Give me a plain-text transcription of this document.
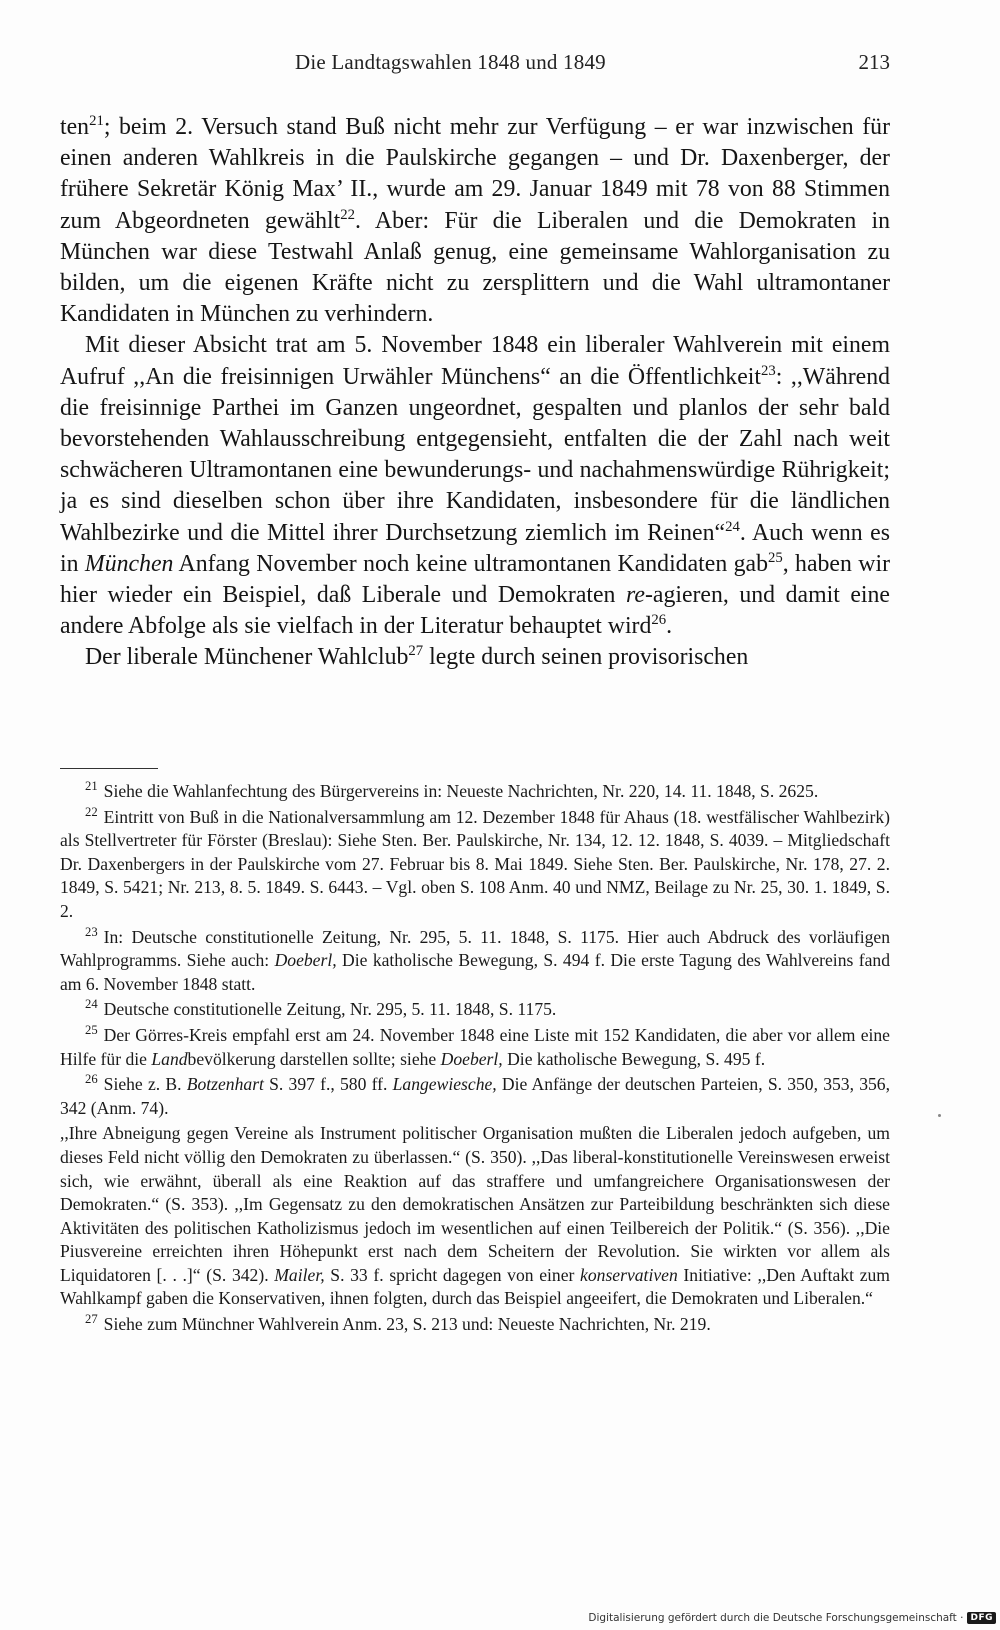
Die Landtagswahlen 1848 und 1849	213

ten$^{21}$; beim 2. Versuch stand Buß nicht mehr zur Verfügung – er war inzwischen für einen anderen Wahlkreis in die Paulskirche gegangen – und Dr. Daxenberger, der frühere Sekretär König Max’ II., wurde am 29. Januar 1849 mit 78 von 88 Stimmen zum Abgeordneten gewählt$^{22}$. Aber: Für die Liberalen und die Demokraten in München war diese Testwahl Anlaß genug, eine gemeinsame Wahlorganisation zu bilden, um die eigenen Kräfte nicht zu zersplittern und die Wahl ultramontaner Kandidaten in München zu verhindern.

Mit dieser Absicht trat am 5. November 1848 ein liberaler Wahlverein mit einem Aufruf ,,An die freisinnigen Urwähler Münchens“ an die Öffentlichkeit$^{23}$: ,,Während die freisinnige Parthei im Ganzen ungeordnet, gespalten und planlos der sehr bald bevorstehenden Wahlausschreibung entgegensieht, entfalten die der Zahl nach weit schwächeren Ultramontanen eine bewunderungs- und nachahmenswürdige Rührigkeit; ja es sind dieselben schon über ihre Kandidaten, insbesondere für die ländlichen Wahlbezirke und die Mittel ihrer Durchsetzung ziemlich im Reinen“$^{24}$. Auch wenn es in München Anfang November noch keine ultramontanen Kandidaten gab$^{25}$, haben wir hier wieder ein Beispiel, daß Liberale und Demokraten re-agieren, und damit eine andere Abfolge als sie vielfach in der Literatur behauptet wird$^{26}$.

Der liberale Münchener Wahlclub$^{27}$ legte durch seinen provisorischen

$^{21}$ Siehe die Wahlanfechtung des Bürgervereins in: Neueste Nachrichten, Nr. 220, 14. 11. 1848, S. 2625.

$^{22}$ Eintritt von Buß in die Nationalversammlung am 12. Dezember 1848 für Ahaus (18. westfälischer Wahlbezirk) als Stellvertreter für Förster (Breslau): Siehe Sten. Ber. Paulskirche, Nr. 134, 12. 12. 1848, S. 4039. – Mitgliedschaft Dr. Daxenbergers in der Paulskirche vom 27. Februar bis 8. Mai 1849. Siehe Sten. Ber. Paulskirche, Nr. 178, 27. 2. 1849, S. 5421; Nr. 213, 8. 5. 1849. S. 6443. – Vgl. oben S. 108 Anm. 40 und NMZ, Beilage zu Nr. 25, 30. 1. 1849, S. 2.

$^{23}$ In: Deutsche constitutionelle Zeitung, Nr. 295, 5. 11. 1848, S. 1175. Hier auch Abdruck des vorläufigen Wahlprogramms. Siehe auch: Doeberl, Die katholische Bewegung, S. 494 f. Die erste Tagung des Wahlvereins fand am 6. November 1848 statt.

$^{24}$ Deutsche constitutionelle Zeitung, Nr. 295, 5. 11. 1848, S. 1175.

$^{25}$ Der Görres-Kreis empfahl erst am 24. November 1848 eine Liste mit 152 Kandidaten, die aber vor allem eine Hilfe für die Landbevölkerung darstellen sollte; siehe Doeberl, Die katholische Bewegung, S. 495 f.

$^{26}$ Siehe z. B. Botzenhart S. 397 f., 580 ff. Langewiesche, Die Anfänge der deutschen Parteien, S. 350, 353, 356, 342 (Anm. 74).

,,Ihre Abneigung gegen Vereine als Instrument politischer Organisation mußten die Liberalen jedoch aufgeben, um dieses Feld nicht völlig den Demokraten zu überlassen.“ (S. 350). ,,Das liberal-konstitutionelle Vereinswesen erweist sich, wie erwähnt, überall als eine Reaktion auf das straffere und umfangreichere Organisationswesen der Demokraten.“ (S. 353). ,,Im Gegensatz zu den demokratischen Ansätzen zur Parteibildung beschränkten sich diese Aktivitäten des politischen Katholizismus jedoch im wesentlichen auf einen Teilbereich der Politik.“ (S. 356). ,,Die Piusvereine erreichten ihren Höhepunkt erst nach dem Scheitern der Revolution. Sie wirkten vor allem als Liquidatoren [. . .]“ (S. 342). Mailer, S. 33 f. spricht dagegen von einer konservativen Initiative: ,,Den Auftakt zum Wahlkampf gaben die Konservativen, ihnen folgten, durch das Beispiel angeeifert, die Demokraten und Liberalen.“

$^{27}$ Siehe zum Münchner Wahlverein Anm. 23, S. 213 und: Neueste Nachrichten, Nr. 219.

Digitalisierung gefördert durch die Deutsche Forschungsgemeinschaft · DFG
